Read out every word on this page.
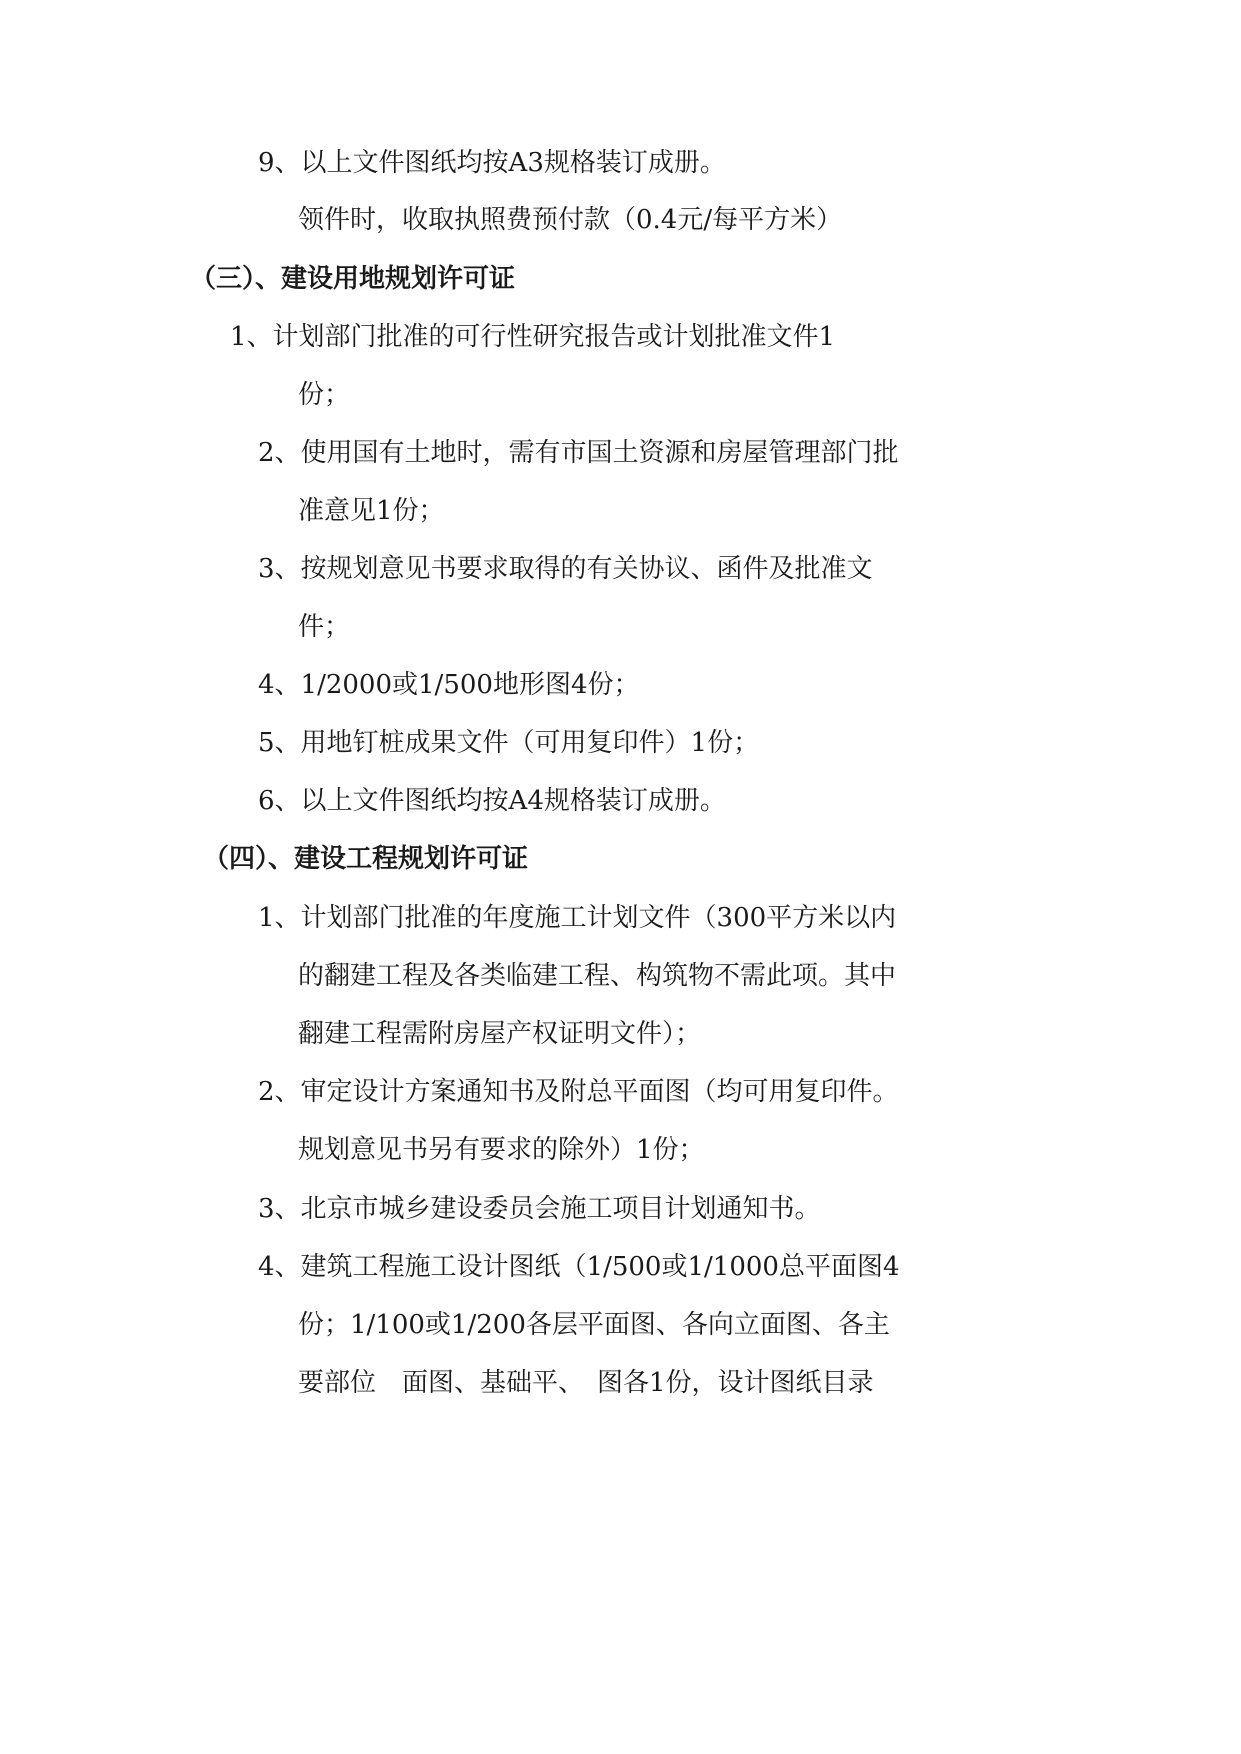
9、以上文件图纸均按A3规格装订成册。

领件时，收取执照费预付款（0.4元/每平方米）

（三）、建设用地规划许可证

1、计划部门批准的可行性研究报告或计划批准文件1

份；

2、使用国有土地时，需有市国土资源和房屋管理部门批

准意见1份；

3、按规划意见书要求取得的有关协议、函件及批准文

件；

4、1/2000或1/500地形图4份；

5、用地钉桩成果文件（可用复印件）1份；

6、以上文件图纸均按A4规格装订成册。

（四）、建设工程规划许可证

1、计划部门批准的年度施工计划文件（300平方米以内

的翻建工程及各类临建工程、构筑物不需此项。其中

翻建工程需附房屋产权证明文件）；

2、审定设计方案通知书及附总平面图（均可用复印件。

规划意见书另有要求的除外）1份；

3、北京市城乡建设委员会施工项目计划通知书。

4、建筑工程施工设计图纸（1/500或1/1000总平面图4

份；1/100或1/200各层平面图、各向立面图、各主

要部位　面图、基础平、　图各1份，设计图纸目录
